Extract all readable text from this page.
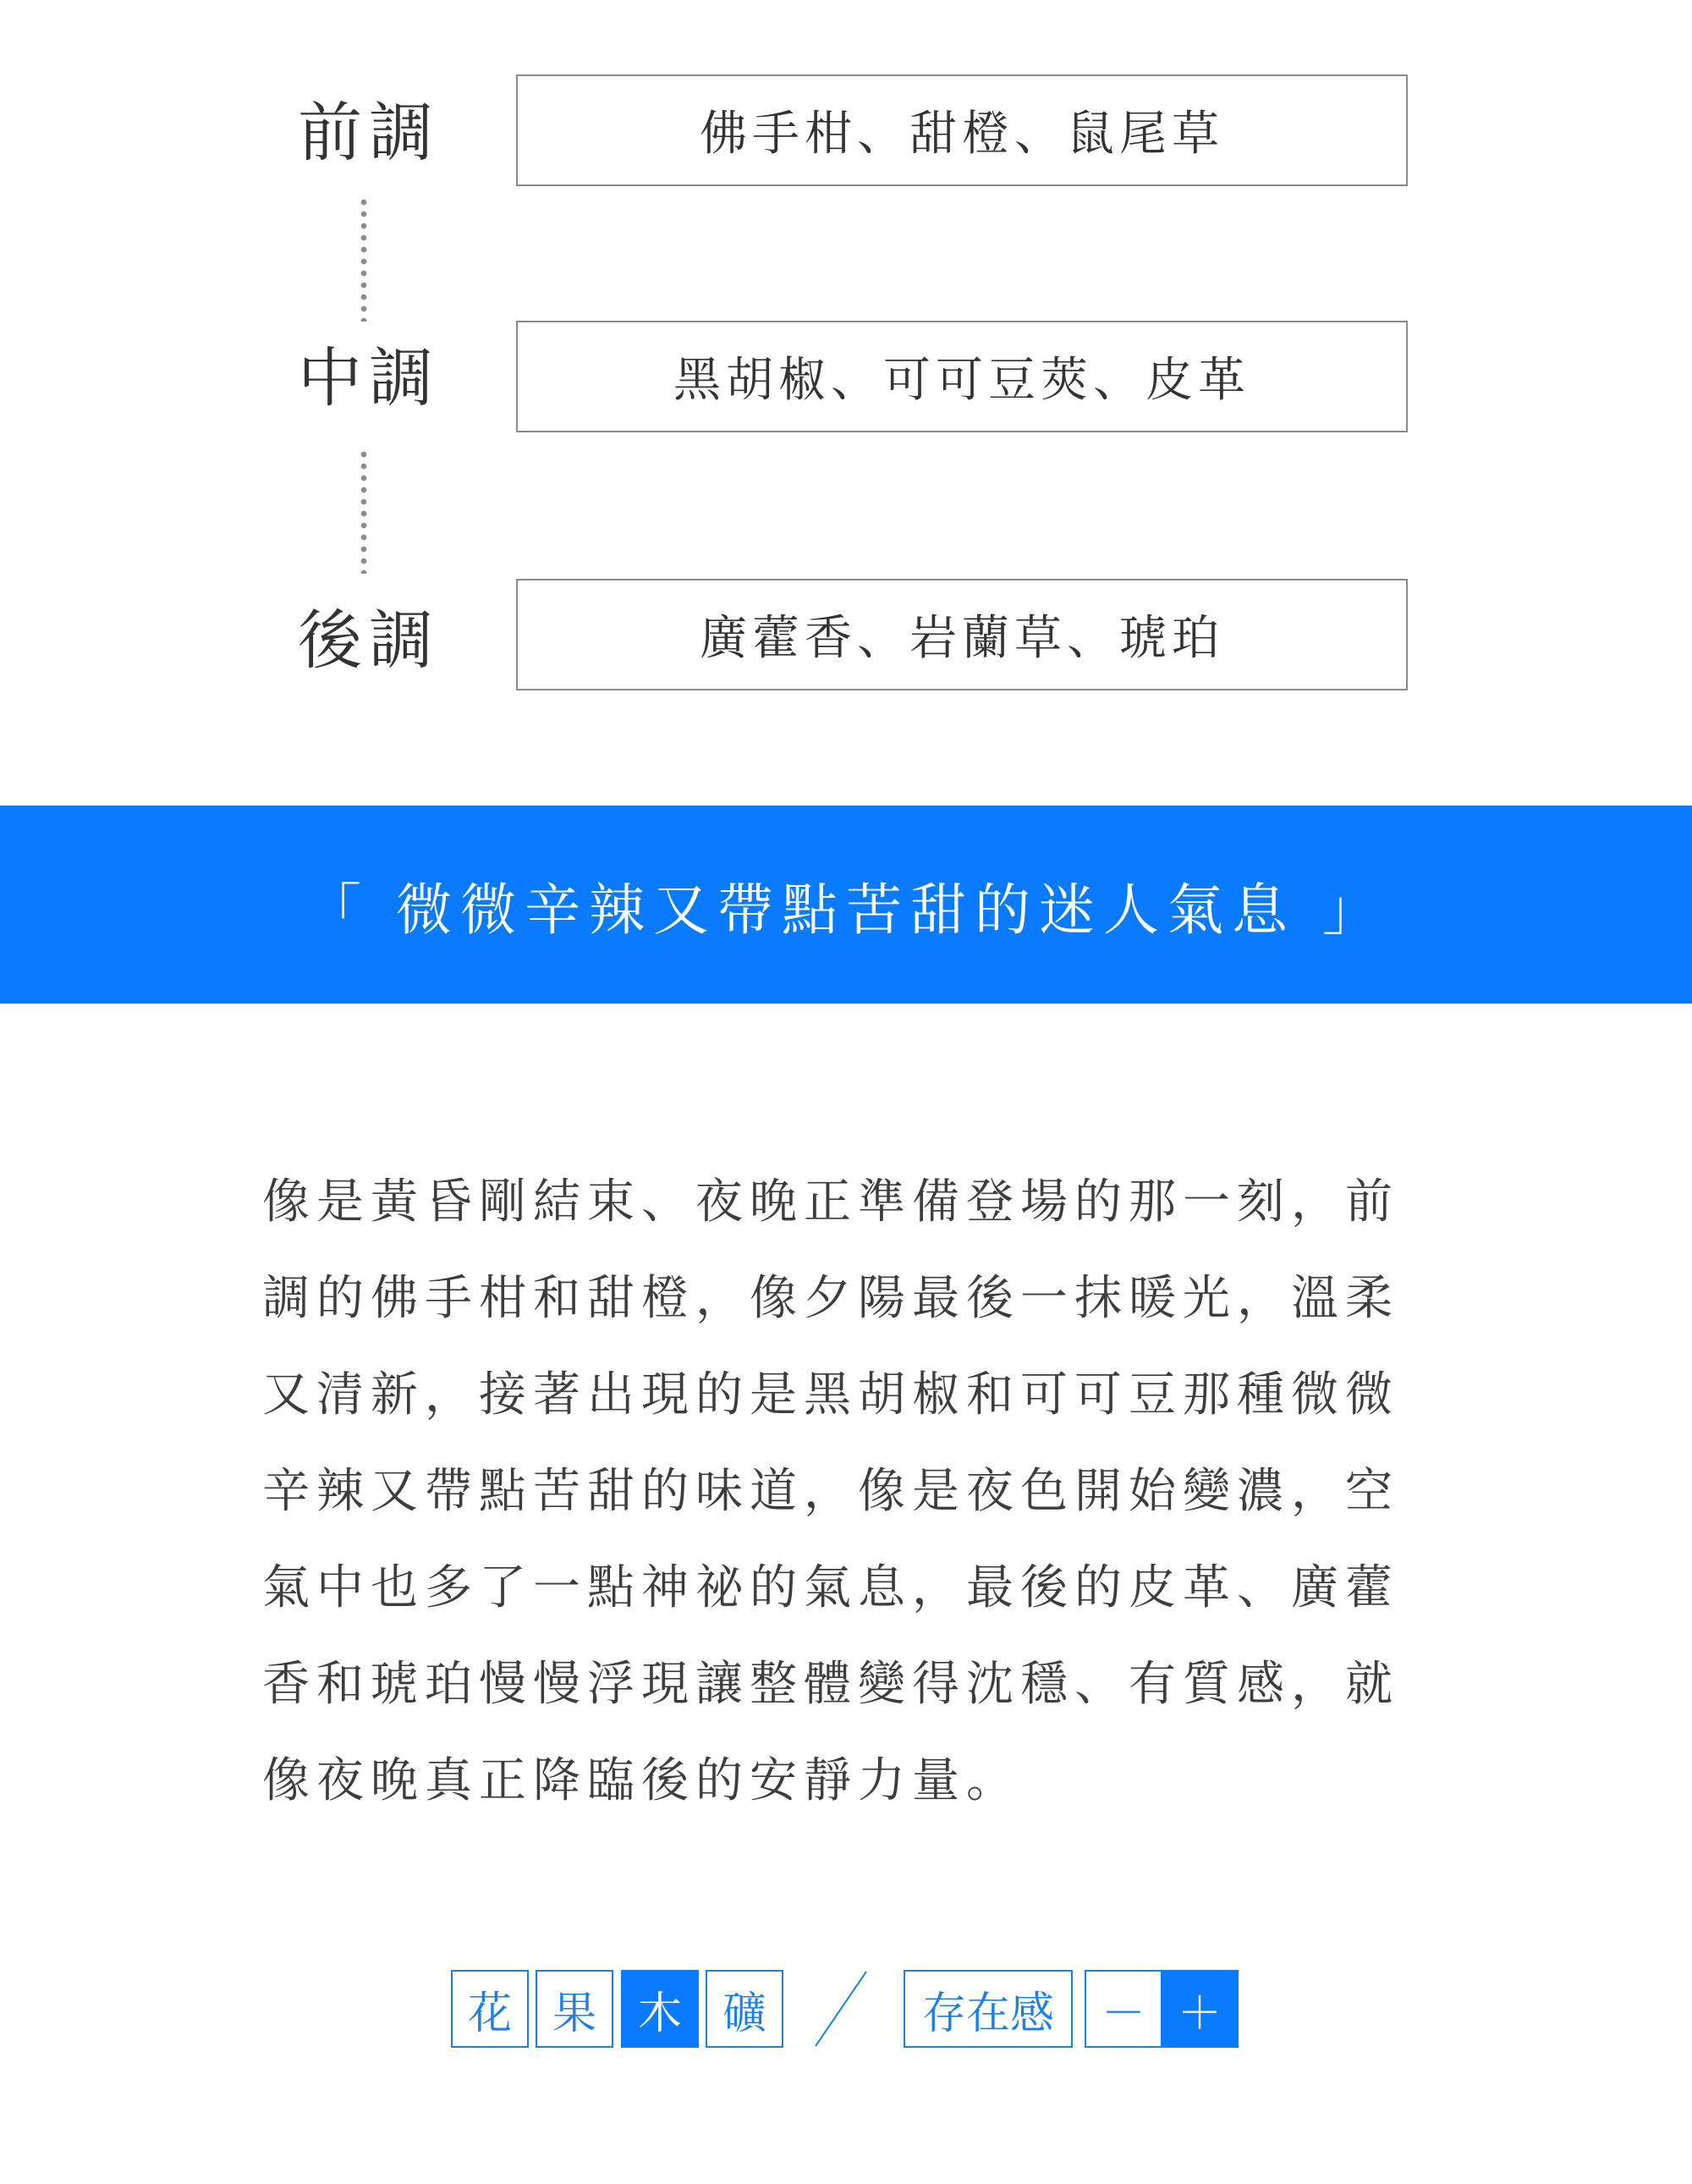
前調	佛手柑、甜橙、鼠尾草
中調	黑胡椒、可可豆莢、皮革
後調	廣藿香、岩蘭草、琥珀
「 微微辛辣又帶點苦甜的迷人氣息 」
像是黃昏剛結束、夜晚正準備登場的那一刻，前
調的佛手柑和甜橙，像夕陽最後一抹暖光，溫柔
又清新，接著出現的是黑胡椒和可可豆那種微微
辛辣又帶點苦甜的味道，像是夜色開始變濃，空
氣中也多了一點神祕的氣息，最後的皮革、廣藿
香和琥珀慢慢浮現讓整體變得沈穩、有質感，就
像夜晚真正降臨後的安靜力量。
花 果 木 礦	存在感	－ ＋
